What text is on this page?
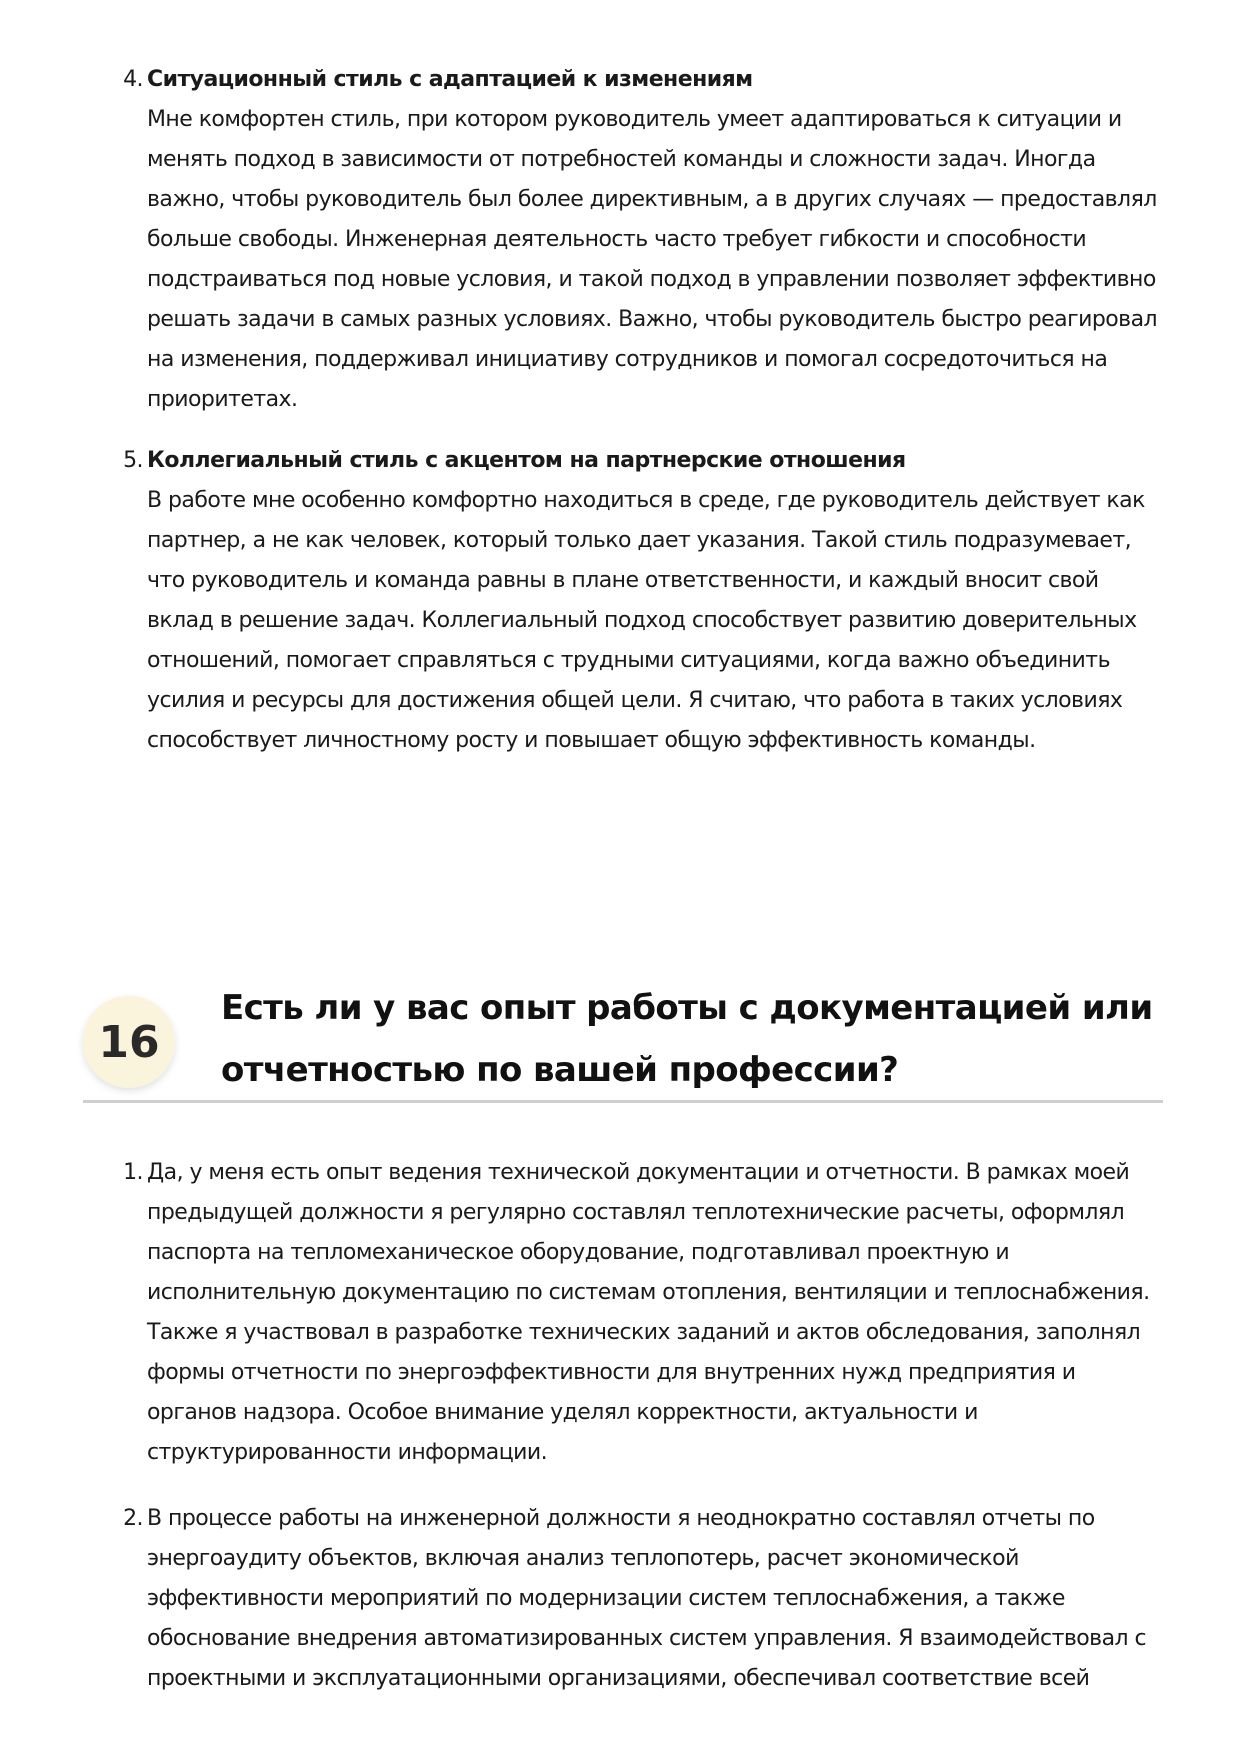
4. Ситуационный стиль с адаптацией к изменениям
Мне комфортен стиль, при котором руководитель умеет адаптироваться к ситуации и менять подход в зависимости от потребностей команды и сложности задач. Иногда важно, чтобы руководитель был более директивным, а в других случаях — предоставлял больше свободы. Инженерная деятельность часто требует гибкости и способности подстраиваться под новые условия, и такой подход в управлении позволяет эффективно решать задачи в самых разных условиях. Важно, чтобы руководитель быстро реагировал на изменения, поддерживал инициативу сотрудников и помогал сосредоточиться на приоритетах.
5. Коллегиальный стиль с акцентом на партнерские отношения
В работе мне особенно комфортно находиться в среде, где руководитель действует как партнер, а не как человек, который только дает указания. Такой стиль подразумевает, что руководитель и команда равны в плане ответственности, и каждый вносит свой вклад в решение задач. Коллегиальный подход способствует развитию доверительных отношений, помогает справляться с трудными ситуациями, когда важно объединить усилия и ресурсы для достижения общей цели. Я считаю, что работа в таких условиях способствует личностному росту и повышает общую эффективность команды.
16
Есть ли у вас опыт работы с документацией или отчетностью по вашей профессии?
1. Да, у меня есть опыт ведения технической документации и отчетности. В рамках моей предыдущей должности я регулярно составлял теплотехнические расчеты, оформлял паспорта на тепломеханическое оборудование, подготавливал проектную и исполнительную документацию по системам отопления, вентиляции и теплоснабжения. Также я участвовал в разработке технических заданий и актов обследования, заполнял формы отчетности по энергоэффективности для внутренних нужд предприятия и органов надзора. Особое внимание уделял корректности, актуальности и структурированности информации.
2. В процессе работы на инженерной должности я неоднократно составлял отчеты по энергоаудиту объектов, включая анализ теплопотерь, расчет экономической эффективности мероприятий по модернизации систем теплоснабжения, а также обоснование внедрения автоматизированных систем управления. Я взаимодействовал с проектными и эксплуатационными организациями, обеспечивал соответствие всей
